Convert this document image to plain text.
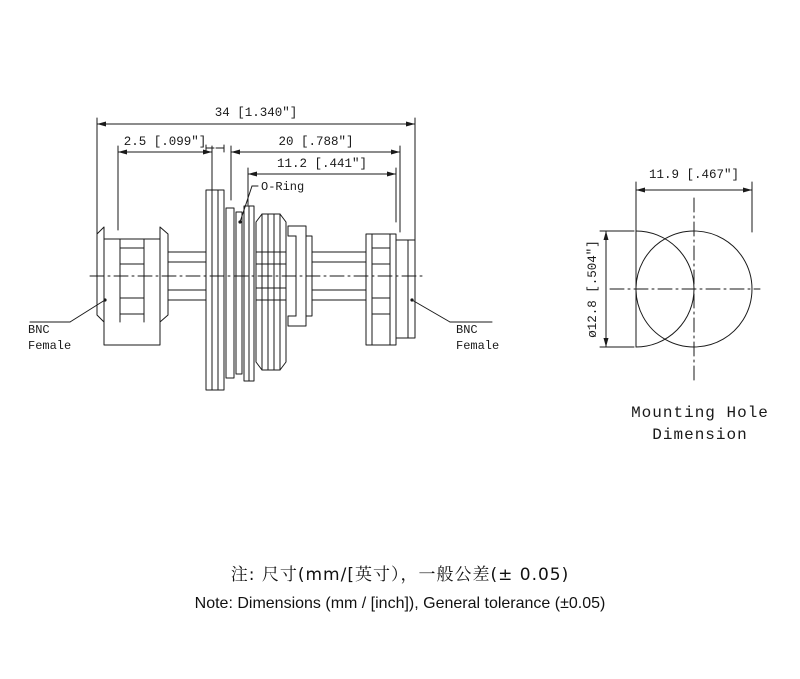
34 [1.340"]
2.5 [.099"]	20 [.788"]
11.2 [.441"]
O-Ring
BNC
Female
BNC
Female
11.9 [.467"]
ø12.8 [.504"]
Mounting Hole
Dimension
注: 尺寸(mm/[英寸），一般公差(± 0.05)
Note: Dimensions (mm / [inch]), General tolerance (±0.05)
